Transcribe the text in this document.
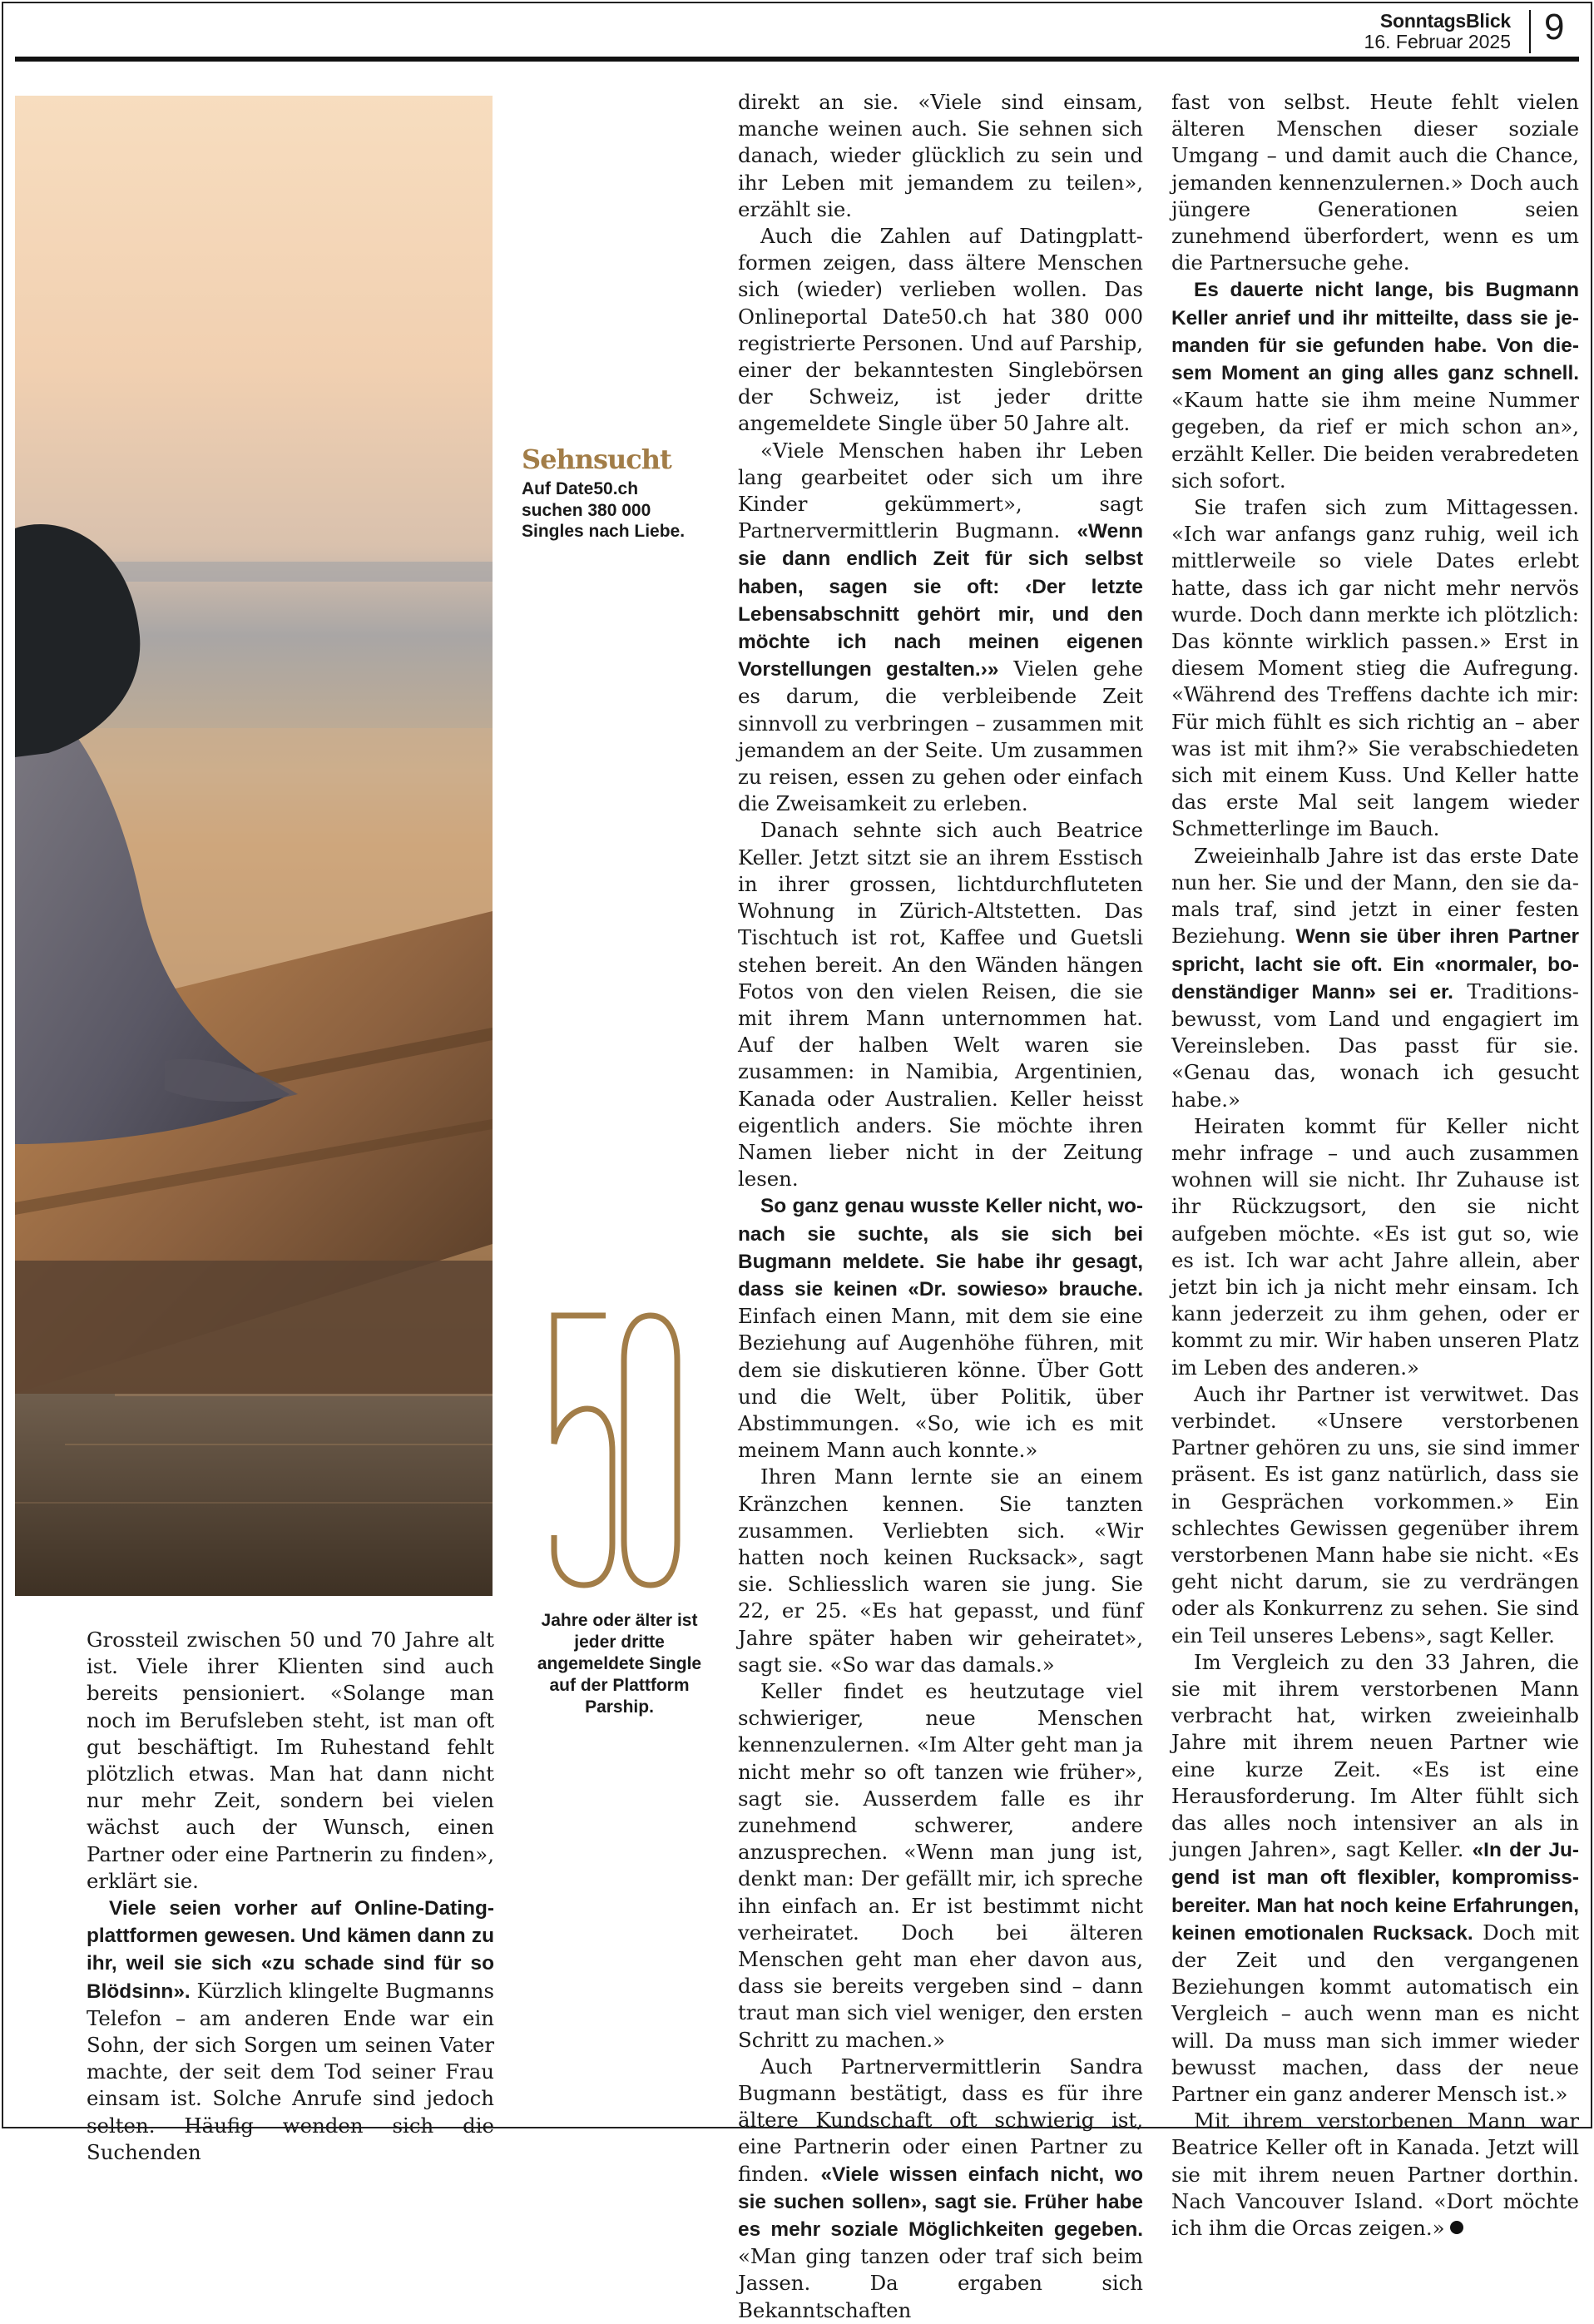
SonntagsBlick
16. Februar 2025 9
Sehnsucht
Auf Date50.ch suchen 380 000 Singles nach Liebe.
50
Jahre oder älter ist jeder dritte angemeldete Single auf der Plattform Parship.

Grossteil zwischen 50 und 70 Jahre alt ist. Viele ihrer Klienten sind auch bereits pensioniert. «Solange man noch im Berufsleben steht, ist man oft gut beschäftigt. Im Ruhestand fehlt plötzlich etwas. Man hat dann nicht nur mehr Zeit, sondern bei vielen wächst auch der Wunsch, einen Partner oder eine Partnerin zu finden», erklärt sie.

Viele seien vorher auf Online-Datingplattformen gewesen. Und kämen dann zu ihr, weil sie sich «zu schade sind für so Blödsinn». Kürzlich klingelte Bugmanns Telefon – am anderen Ende war ein Sohn, der sich Sorgen um seinen Vater machte, der seit dem Tod seiner Frau einsam ist. Solche Anrufe sind jedoch selten. Häufig wenden sich die Suchenden

direkt an sie. «Viele sind einsam, manche weinen auch. Sie sehnen sich danach, wieder glücklich zu sein und ihr Leben mit jemandem zu teilen», erzählt sie.

Auch die Zahlen auf Datingplattformen zeigen, dass ältere Menschen sich (wieder) verlieben wollen. Das Onlineportal Date50.ch hat 380 000 registrierte Personen. Und auf Parship, einer der bekanntesten Singlebörsen der Schweiz, ist jeder dritte angemeldete Single über 50 Jahre alt.

«Viele Menschen haben ihr Leben lang gearbeitet oder sich um ihre Kinder gekümmert», sagt Partnervermittlerin Bugmann. «Wenn sie dann endlich Zeit für sich selbst haben, sagen sie oft: ‹Der letzte Lebensabschnitt gehört mir, und den möchte ich nach meinen eigenen Vorstellungen gestalten.›» Vielen gehe es darum, die verbleibende Zeit sinnvoll zu verbringen – zusammen mit jemandem an der Seite. Um zusammen zu reisen, essen zu gehen oder einfach die Zweisamkeit zu erleben.

Danach sehnte sich auch Beatrice Keller. Jetzt sitzt sie an ihrem Esstisch in ihrer grossen, lichtdurchfluteten Wohnung in Zürich-Altstetten. Das Tischtuch ist rot, Kaffee und Guetsli stehen bereit. An den Wänden hängen Fotos von den vielen Reisen, die sie mit ihrem Mann unternommen hat. Auf der halben Welt waren sie zusammen: in Namibia, Argentinien, Kanada oder Australien. Keller heisst eigentlich anders. Sie möchte ihren Namen lieber nicht in der Zeitung lesen.

So ganz genau wusste Keller nicht, wonach sie suchte, als sie sich bei Bugmann meldete. Sie habe ihr gesagt, dass sie keinen «Dr. sowieso» brauche. Einfach einen Mann, mit dem sie eine Beziehung auf Augenhöhe führen, mit dem sie diskutieren könne. Über Gott und die Welt, über Politik, über Abstimmungen. «So, wie ich es mit meinem Mann auch konnte.»

Ihren Mann lernte sie an einem Kränzchen kennen. Sie tanzten zusammen. Verliebten sich. «Wir hatten noch keinen Rucksack», sagt sie. Schliesslich waren sie jung. Sie 22, er 25. «Es hat gepasst, und fünf Jahre später haben wir geheiratet», sagt sie. «So war das damals.»

Keller findet es heutzutage viel schwieriger, neue Menschen kennenzulernen. «Im Alter geht man ja nicht mehr so oft tanzen wie früher», sagt sie. Ausserdem falle es ihr zunehmend schwerer, andere anzusprechen. «Wenn man jung ist, denkt man: Der gefällt mir, ich spreche ihn einfach an. Er ist bestimmt nicht verheiratet. Doch bei älteren Menschen geht man eher davon aus, dass sie bereits vergeben sind – dann traut man sich viel weniger, den ersten Schritt zu machen.»

Auch Partnervermittlerin Sandra Bugmann bestätigt, dass es für ihre ältere Kundschaft oft schwierig ist, eine Partnerin oder einen Partner zu finden. «Viele wissen einfach nicht, wo sie suchen sollen», sagt sie. Früher habe es mehr soziale Möglichkeiten gegeben. «Man ging tanzen oder traf sich beim Jassen. Da ergaben sich Bekanntschaften

fast von selbst. Heute fehlt vielen älteren Menschen dieser soziale Umgang – und damit auch die Chance, jemanden kennenzulernen.» Doch auch jüngere Generationen seien zunehmend überfordert, wenn es um die Partnersuche gehe.

Es dauerte nicht lange, bis Bugmann Keller anrief und ihr mitteilte, dass sie jemanden für sie gefunden habe. Von diesem Moment an ging alles ganz schnell. «Kaum hatte sie ihm meine Nummer gegeben, da rief er mich schon an», erzählt Keller. Die beiden verabredeten sich sofort.

Sie trafen sich zum Mittagessen. «Ich war anfangs ganz ruhig, weil ich mittlerweile so viele Dates erlebt hatte, dass ich gar nicht mehr nervös wurde. Doch dann merkte ich plötzlich: Das könnte wirklich passen.» Erst in diesem Moment stieg die Aufregung. «Während des Treffens dachte ich mir: Für mich fühlt es sich richtig an – aber was ist mit ihm?» Sie verabschiedeten sich mit einem Kuss. Und Keller hatte das erste Mal seit langem wieder Schmetterlinge im Bauch.

Zweieinhalb Jahre ist das erste Date nun her. Sie und der Mann, den sie damals traf, sind jetzt in einer festen Beziehung. Wenn sie über ihren Partner spricht, lacht sie oft. Ein «normaler, bodenständiger Mann» sei er. Traditionsbewusst, vom Land und engagiert im Vereinsleben. Das passt für sie. «Genau das, wonach ich gesucht habe.»

Heiraten kommt für Keller nicht mehr infrage – und auch zusammen wohnen will sie nicht. Ihr Zuhause ist ihr Rückzugsort, den sie nicht aufgeben möchte. «Es ist gut so, wie es ist. Ich war acht Jahre allein, aber jetzt bin ich ja nicht mehr einsam. Ich kann jederzeit zu ihm gehen, oder er kommt zu mir. Wir haben unseren Platz im Leben des anderen.»

Auch ihr Partner ist verwitwet. Das verbindet. «Unsere verstorbenen Partner gehören zu uns, sie sind immer präsent. Es ist ganz natürlich, dass sie in Gesprächen vorkommen.» Ein schlechtes Gewissen gegenüber ihrem verstorbenen Mann habe sie nicht. «Es geht nicht darum, sie zu verdrängen oder als Konkurrenz zu sehen. Sie sind ein Teil unseres Lebens», sagt Keller.

Im Vergleich zu den 33 Jahren, die sie mit ihrem verstorbenen Mann verbracht hat, wirken zweieinhalb Jahre mit ihrem neuen Partner wie eine kurze Zeit. «Es ist eine Herausforderung. Im Alter fühlt sich das alles noch intensiver an als in jungen Jahren», sagt Keller. «In der Jugend ist man oft flexibler, kompromissbereiter. Man hat noch keine Erfahrungen, keinen emotionalen Rucksack. Doch mit der Zeit und den vergangenen Beziehungen kommt automatisch ein Vergleich – auch wenn man es nicht will. Da muss man sich immer wieder bewusst machen, dass der neue Partner ein ganz anderer Mensch ist.»

Mit ihrem verstorbenen Mann war Beatrice Keller oft in Kanada. Jetzt will sie mit ihrem neuen Partner dorthin. Nach Vancouver Island. «Dort möchte ich ihm die Orcas zeigen.»
